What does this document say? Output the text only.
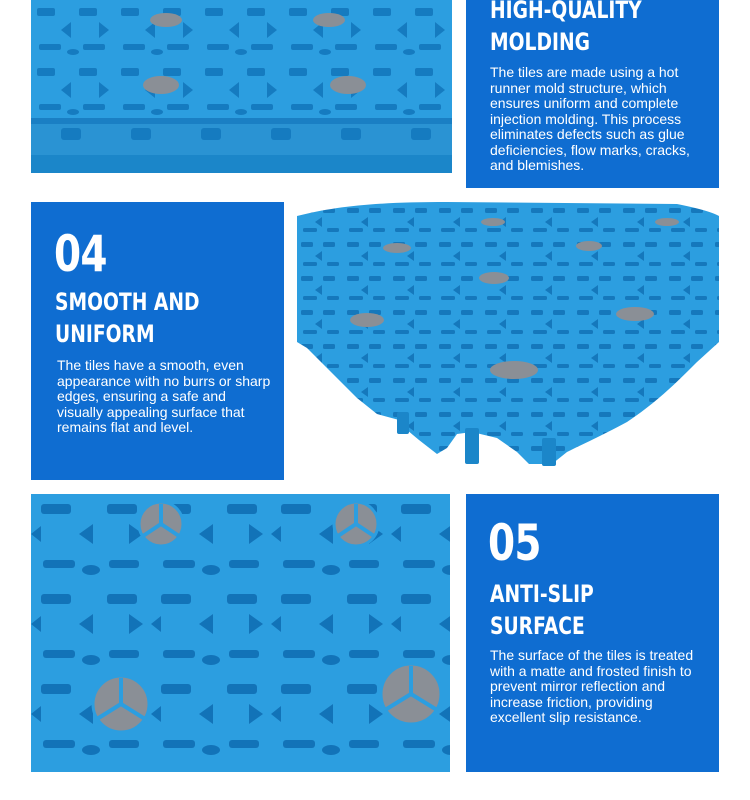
HIGH-QUALITY
MOLDING

The tiles are made using a hot runner mold structure, which ensures uniform and complete injection molding. This process eliminates defects such as glue deficiencies, flow marks, cracks, and blemishes.

04
SMOOTH AND
UNIFORM

The tiles have a smooth, even appearance with no burrs or sharp edges, ensuring a safe and visually appealing surface that remains flat and level.

05
ANTI-SLIP
SURFACE

The surface of the tiles is treated with a matte and frosted finish to prevent mirror reflection and increase friction, providing excellent slip resistance.
